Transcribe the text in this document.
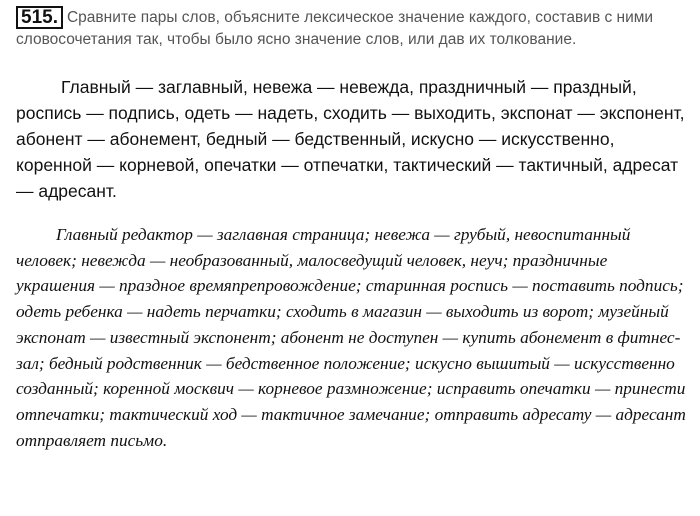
515. Сравните пары слов, объясните лексическое значение каждого, составив с ними словосочетания так, чтобы было ясно значение слов, или дав их толкование.

Главный — заглавный, невежа — невежда, праздничный — праздный, роспись — подпись, одеть — надеть, сходить — выходить, экспонат — экспонент, абонент — абонемент, бедный — бедственный, искусно — искусственно, коренной — корневой, опечатки — отпечатки, тактический — тактичный, адресат — адресант.

Главный редактор — заглавная страница; невежа — грубый, невоспитанный человек; невежда — необразованный, малосведущий человек, неуч; праздничные украшения — праздное времяпрепровождение; старинная роспись — поставить подпись; одеть ребенка — надеть перчатки; сходить в магазин — выходить из ворот; музейный экспонат — известный экспонент; абонент не доступен — купить абонемент в фитнес- зал; бедный родственник — бедственное положение; искусно вышитый — искусственно созданный; коренной москвич — корневое размножение; исправить опечатки — принести отпечатки; тактический ход — тактичное замечание; отправить адресату — адресант отправляет письмо.
